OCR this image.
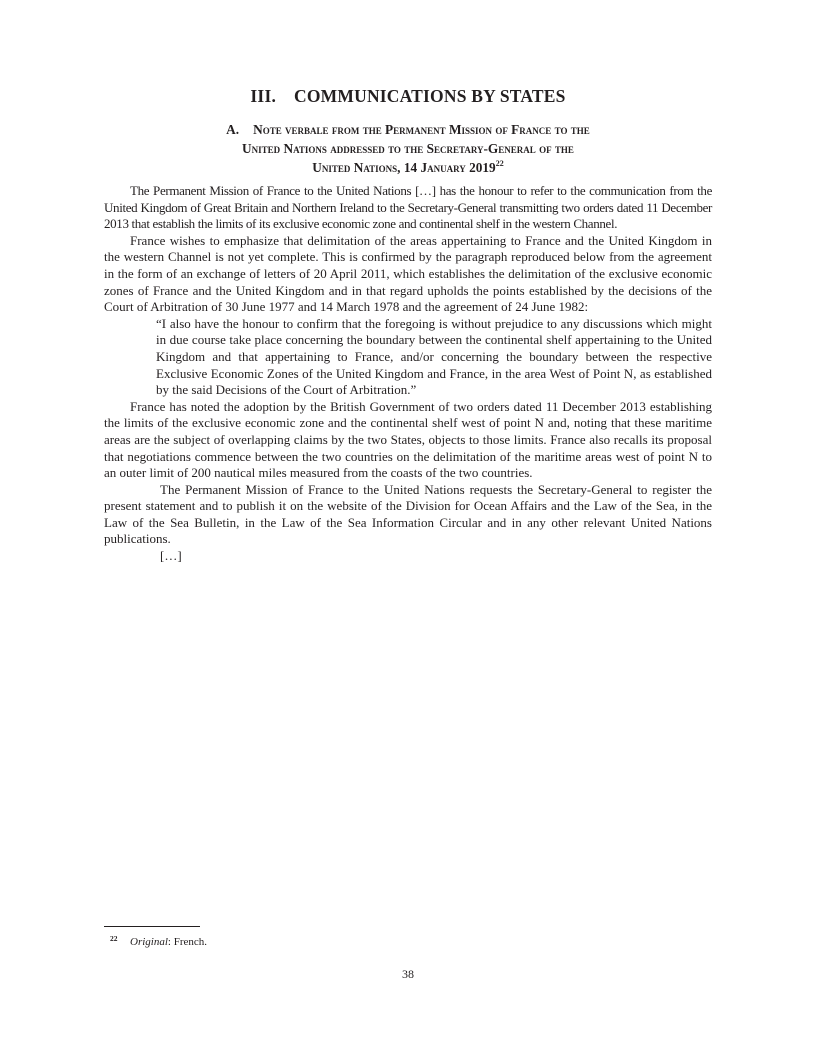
III. COMMUNICATIONS BY STATES
A. Note verbale from the Permanent Mission of France to the
United Nations addressed to the Secretary-General of the
United Nations, 14 January 2019$^{22}$

The Permanent Mission of France to the United Nations […] has the honour to refer to the communication from the United Kingdom of Great Britain and Northern Ireland to the Secretary-General transmitting two orders dated 11 December 2013 that establish the limits of its exclusive economic zone and continental shelf in the western Channel.

France wishes to emphasize that delimitation of the areas appertaining to France and the United Kingdom in the western Channel is not yet complete. This is confirmed by the paragraph reproduced below from the agreement in the form of an exchange of letters of 20 April 2011, which establishes the delimitation of the exclusive economic zones of France and the United Kingdom and in that regard upholds the points established by the decisions of the Court of Arbitration of 30 June 1977 and 14 March 1978 and the agreement of 24 June 1982:

“I also have the honour to confirm that the foregoing is without prejudice to any discussions which might in due course take place concerning the boundary between the continental shelf appertaining to the United Kingdom and that appertaining to France, and/or concerning the boundary between the respective Exclusive Economic Zones of the United Kingdom and France, in the area West of Point N, as established by the said Decisions of the Court of Arbitration.”

France has noted the adoption by the British Government of two orders dated 11 December 2013 establishing the limits of the exclusive economic zone and the continental shelf west of point N and, noting that these maritime areas are the subject of overlapping claims by the two States, objects to those limits. France also recalls its proposal that negotiations commence between the two countries on the delimitation of the maritime areas west of point N to an outer limit of 200 nautical miles measured from the coasts of the two countries.

The Permanent Mission of France to the United Nations requests the Secretary-General to register the present statement and to publish it on the website of the Division for Ocean Affairs and the Law of the Sea, in the Law of the Sea Bulletin, in the Law of the Sea Information Circular and in any other relevant United Nations publications.

[…]
22 Original: French.
38
